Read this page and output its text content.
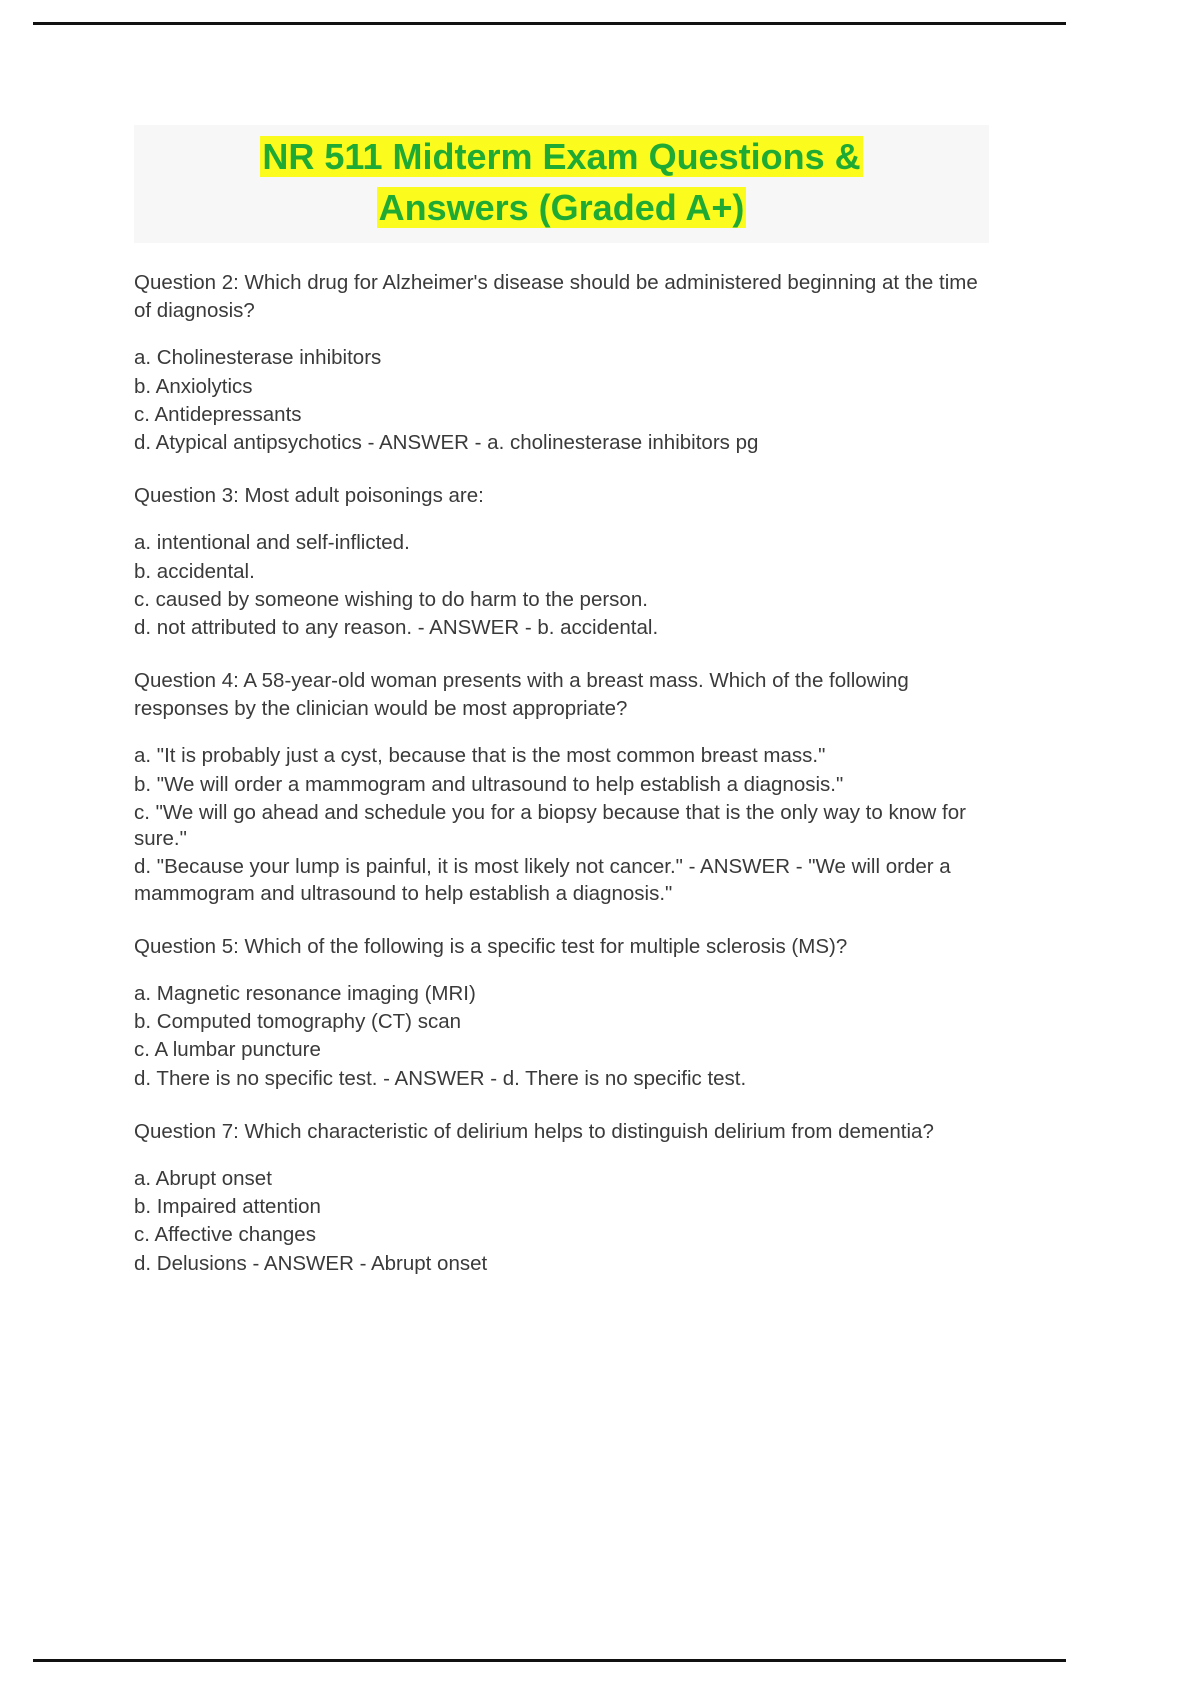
NR 511 Midterm Exam Questions &
Answers (Graded A+)

Question 2: Which drug for Alzheimer's disease should be administered beginning at the time of diagnosis?

a. Cholinesterase inhibitors
b. Anxiolytics
c. Antidepressants
d. Atypical antipsychotics - ANSWER - a. cholinesterase inhibitors pg

Question 3: Most adult poisonings are:

a. intentional and self-inflicted.
b. accidental.
c. caused by someone wishing to do harm to the person.
d. not attributed to any reason. - ANSWER - b. accidental.

Question 4: A 58-year-old woman presents with a breast mass. Which of the following responses by the clinician would be most appropriate?

a. "It is probably just a cyst, because that is the most common breast mass."
b. "We will order a mammogram and ultrasound to help establish a diagnosis."
c. "We will go ahead and schedule you for a biopsy because that is the only way to know for sure."
d. "Because your lump is painful, it is most likely not cancer." - ANSWER - "We will order a mammogram and ultrasound to help establish a diagnosis."

Question 5: Which of the following is a specific test for multiple sclerosis (MS)?

a. Magnetic resonance imaging (MRI)
b. Computed tomography (CT) scan
c. A lumbar puncture
d. There is no specific test. - ANSWER - d. There is no specific test.

Question 7: Which characteristic of delirium helps to distinguish delirium from dementia?

a. Abrupt onset
b. Impaired attention
c. Affective changes
d. Delusions - ANSWER - Abrupt onset
